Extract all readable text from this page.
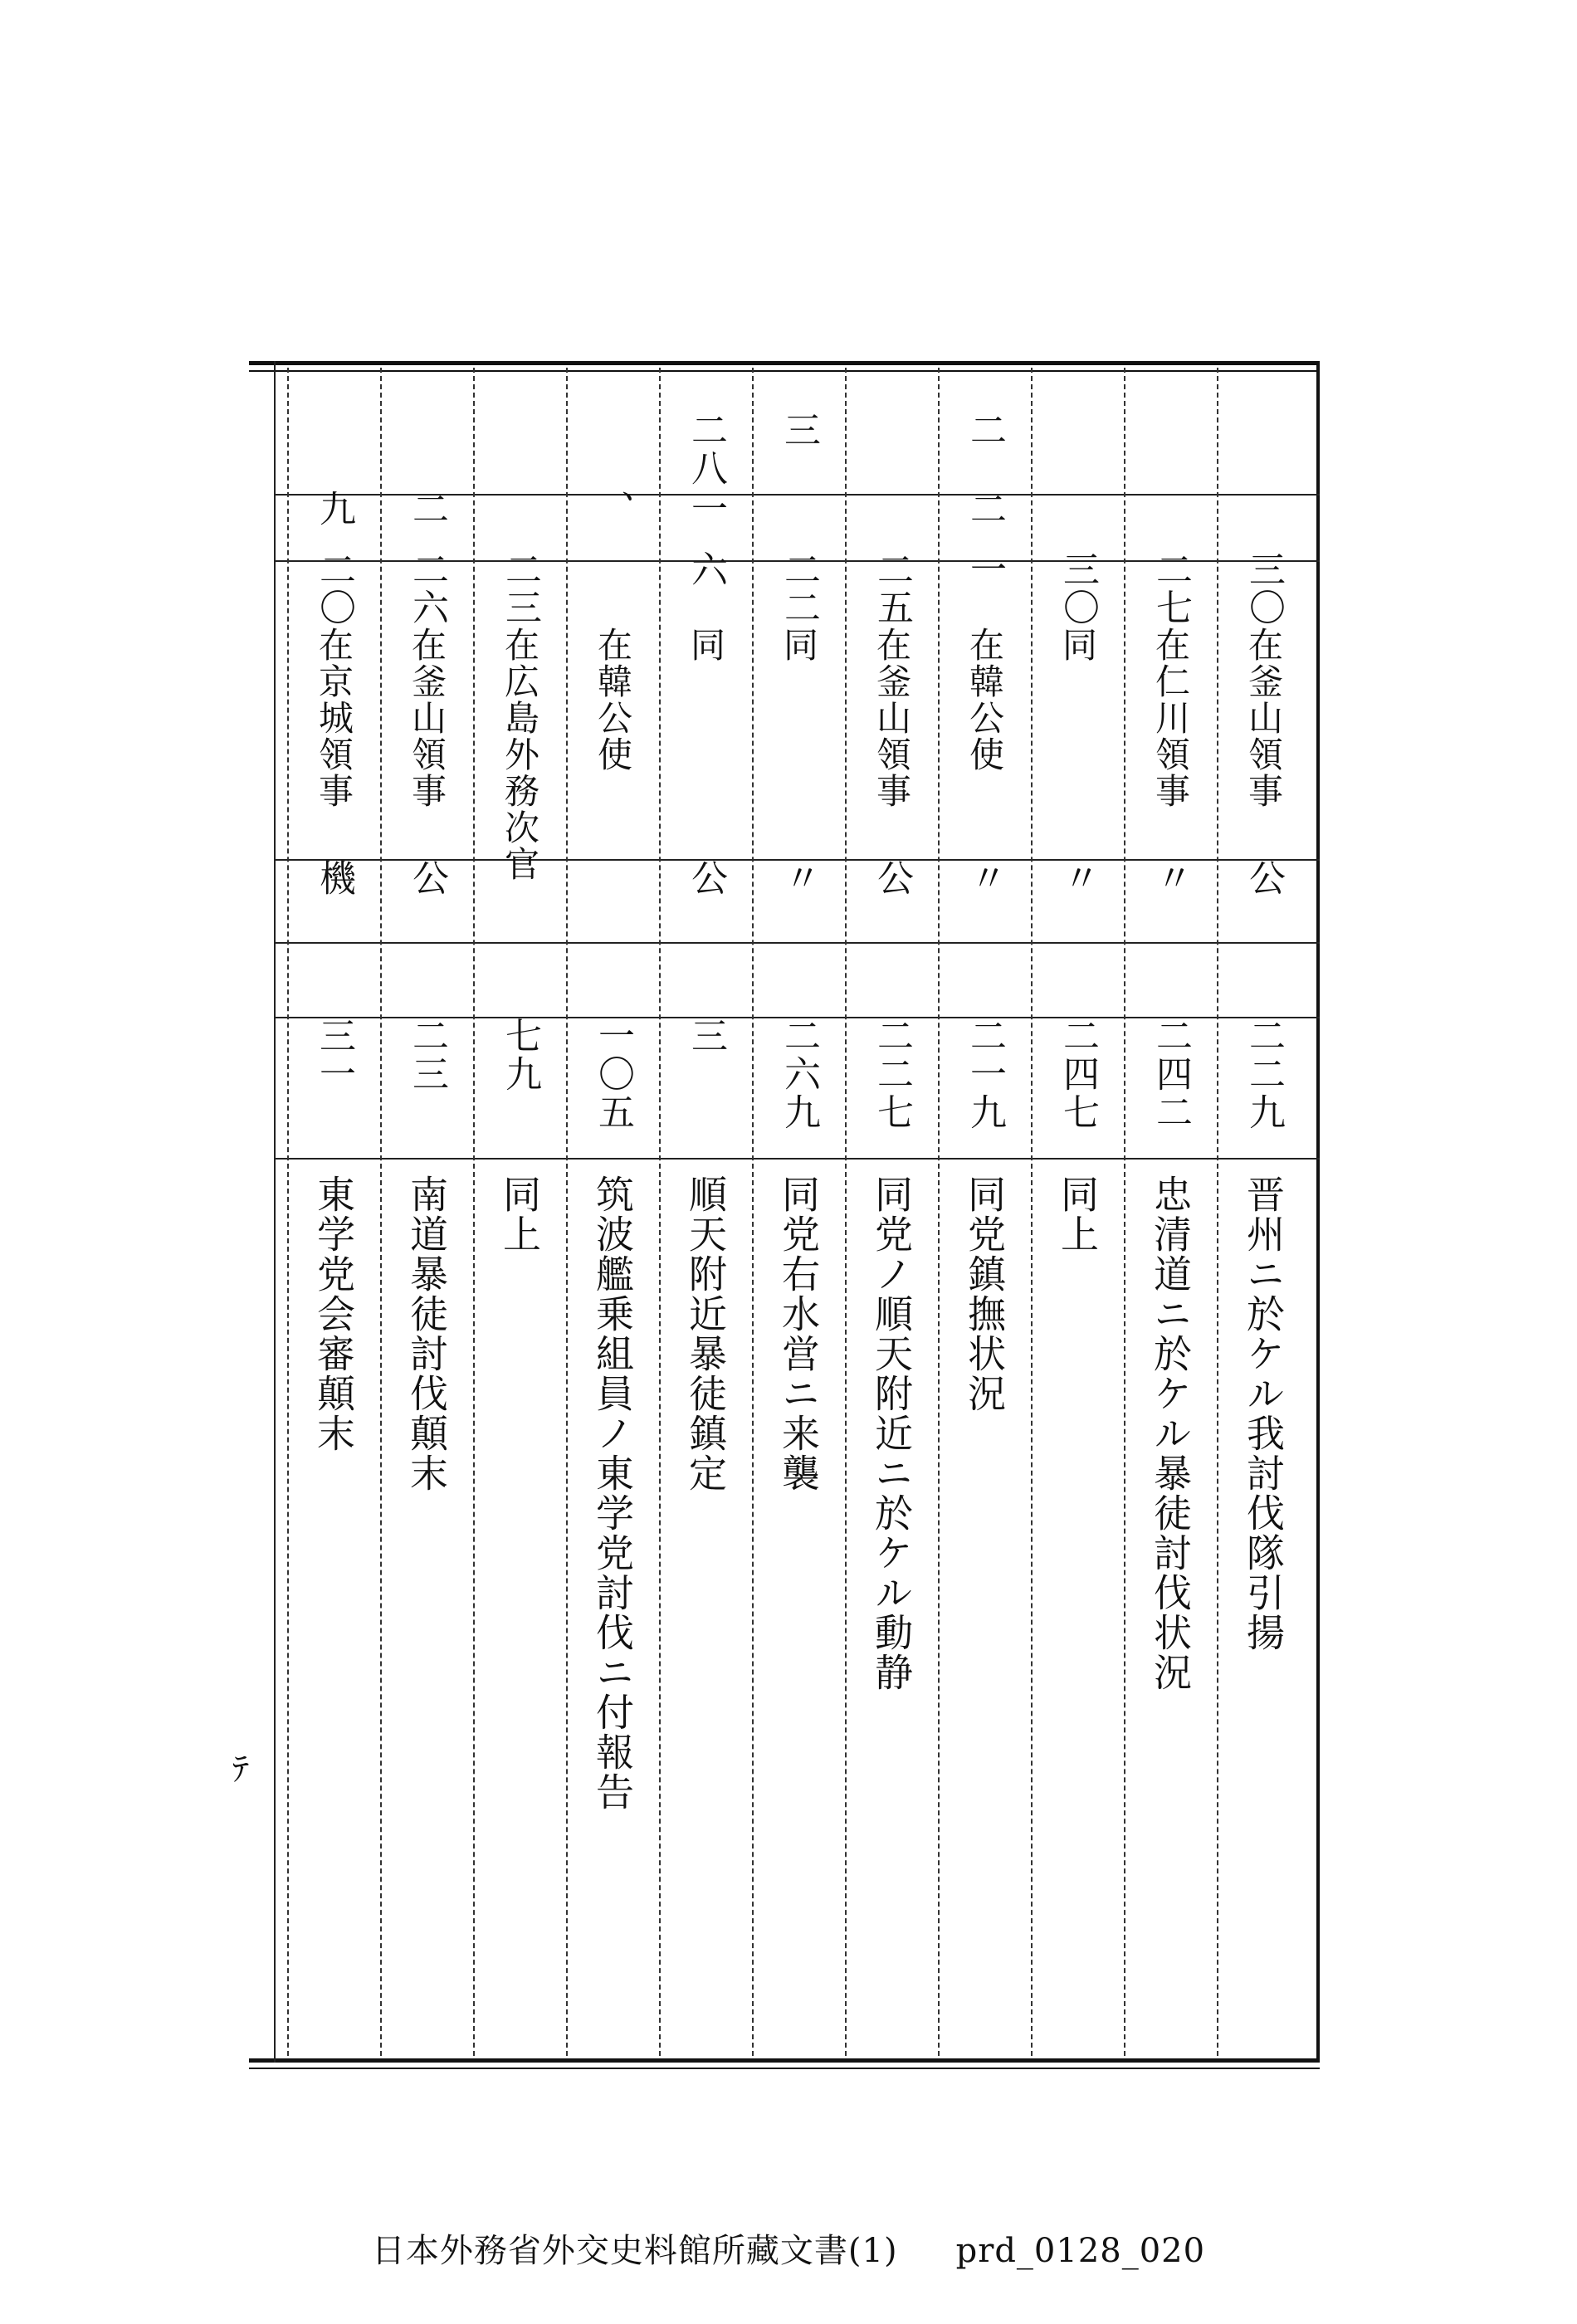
三〇
在釜山領事
公
二二九
晋州ニ於ケル我討伐隊引揚
二七
在仁川領事
〃
二四二
忠清道ニ於ケル暴徒討伐状況
三〇
同
〃
二四七
同上
二
二
一
在韓公使
〃
二一九
同党鎮撫状況
二五
在釜山領事
公
二二七
同党ノ順天附近ニ於ケル動静
三
二二
同
〃
二六九
同党右水営ニ来襲
二八
一
六
同
公
三
順天附近暴徒鎮定
、
在韓公使
一〇五
筑波艦乗組員ノ東学党討伐ニ付報告
二三
在広島外務次官
七九
同上
二
二六
在釜山領事
公
二三
南道暴徒討伐顛末
九
二〇
在京城領事
機
三一
東学党会審顛末
ﾃ
日本外務省外交史料館所藏文書(1) prd_0128_020
